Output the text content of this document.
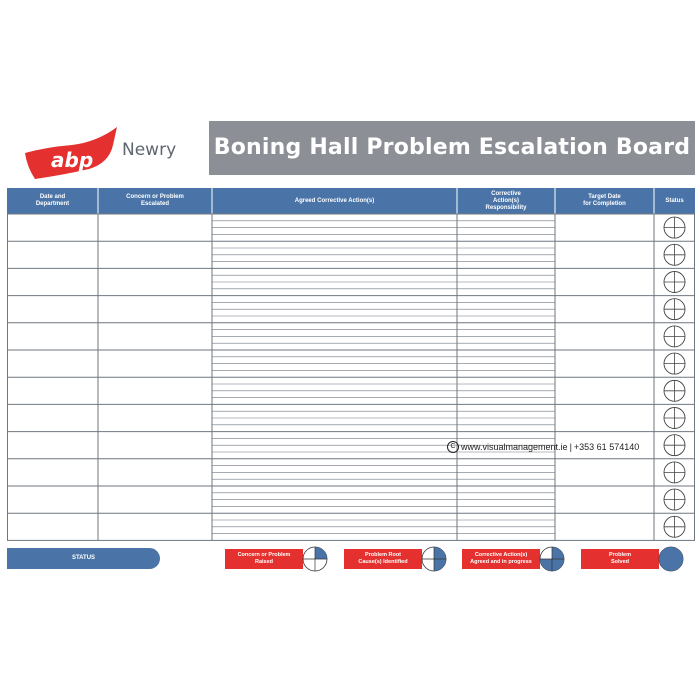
abp Newry Boning Hall Problem Escalation Board
Date and
Department
Concern or Problem
Escalated
Agreed Corrective Action(s)
Corrective
Action(s)
Responsibility
Target Date
for Completion
Status
STATUS	Concern or Problem
Raised
Problem Root
Cause(s) Identified
Corrective Action(s)
Agreed and in progress
Problem
Solved
C www.visualmanagement.ie | +353 61 574140
